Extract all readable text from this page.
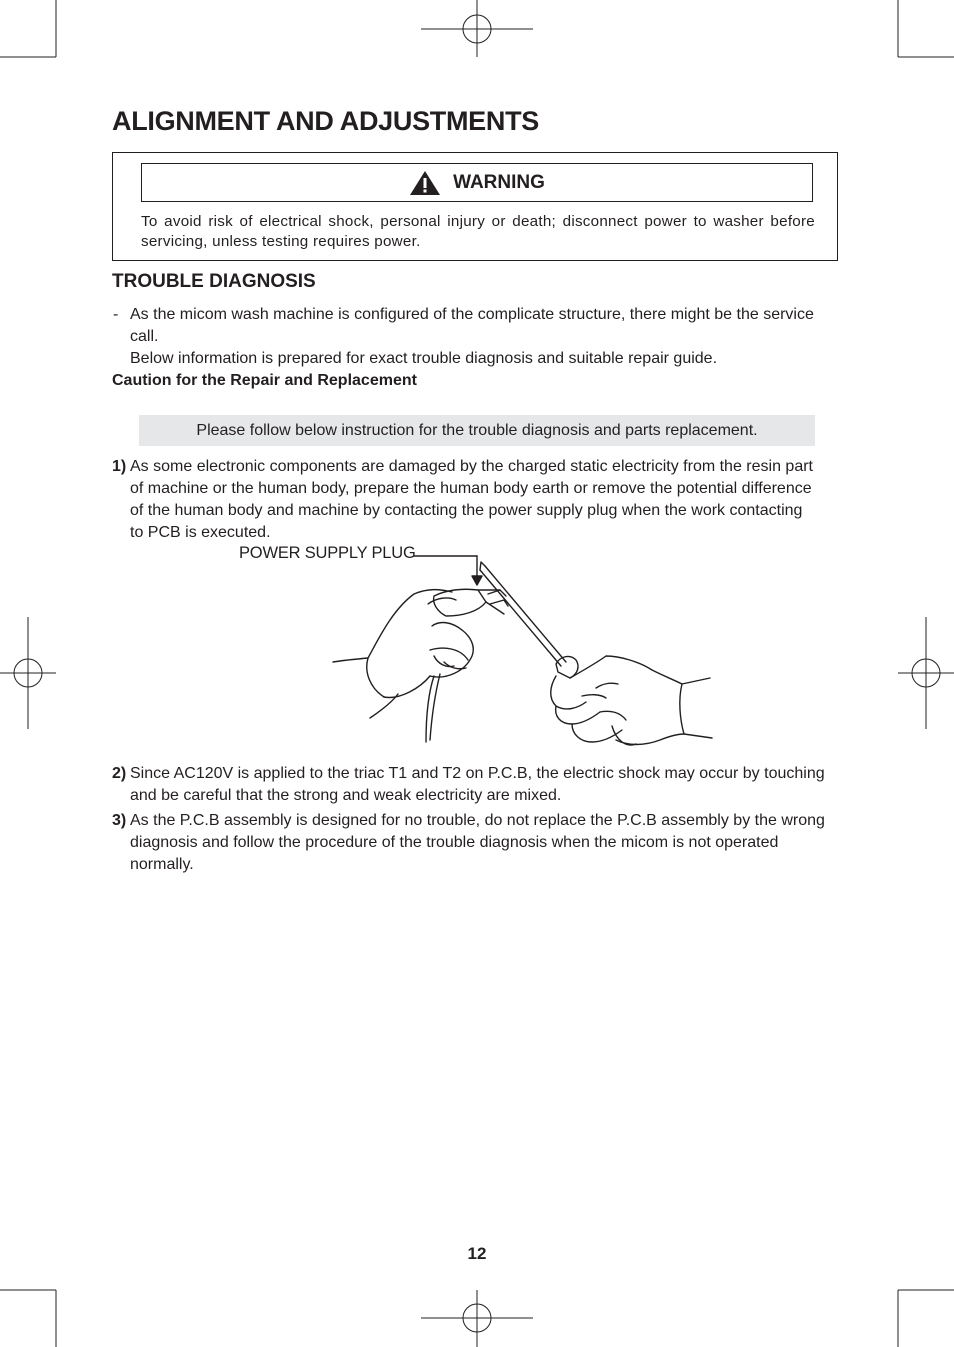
ALIGNMENT AND ADJUSTMENTS
WARNING

To avoid risk of electrical shock, personal injury or death; disconnect power to washer before servicing, unless testing requires power.

TROUBLE DIAGNOSIS
- As the micom wash machine is configured of the complicate structure, there might be the service call.

Below information is prepared for exact trouble diagnosis and suitable repair guide.

Caution for the Repair and Replacement
Please follow below instruction for the trouble diagnosis and parts replacement.
1) As some electronic components are damaged by the charged static electricity from the resin part of machine or the human body, prepare the human body earth or remove the potential difference of the human body and machine by contacting the power supply plug when the work contacting to PCB is executed.

POWER SUPPLY PLUG
2) Since AC120V is applied to the triac T1 and T2 on P.C.B, the electric shock may occur by touching and be careful that the strong and weak electricity are mixed.

3) As the P.C.B assembly is designed for no trouble, do not replace the P.C.B assembly by the wrong diagnosis and follow the procedure of the trouble diagnosis when the micom is not operated normally.

12
